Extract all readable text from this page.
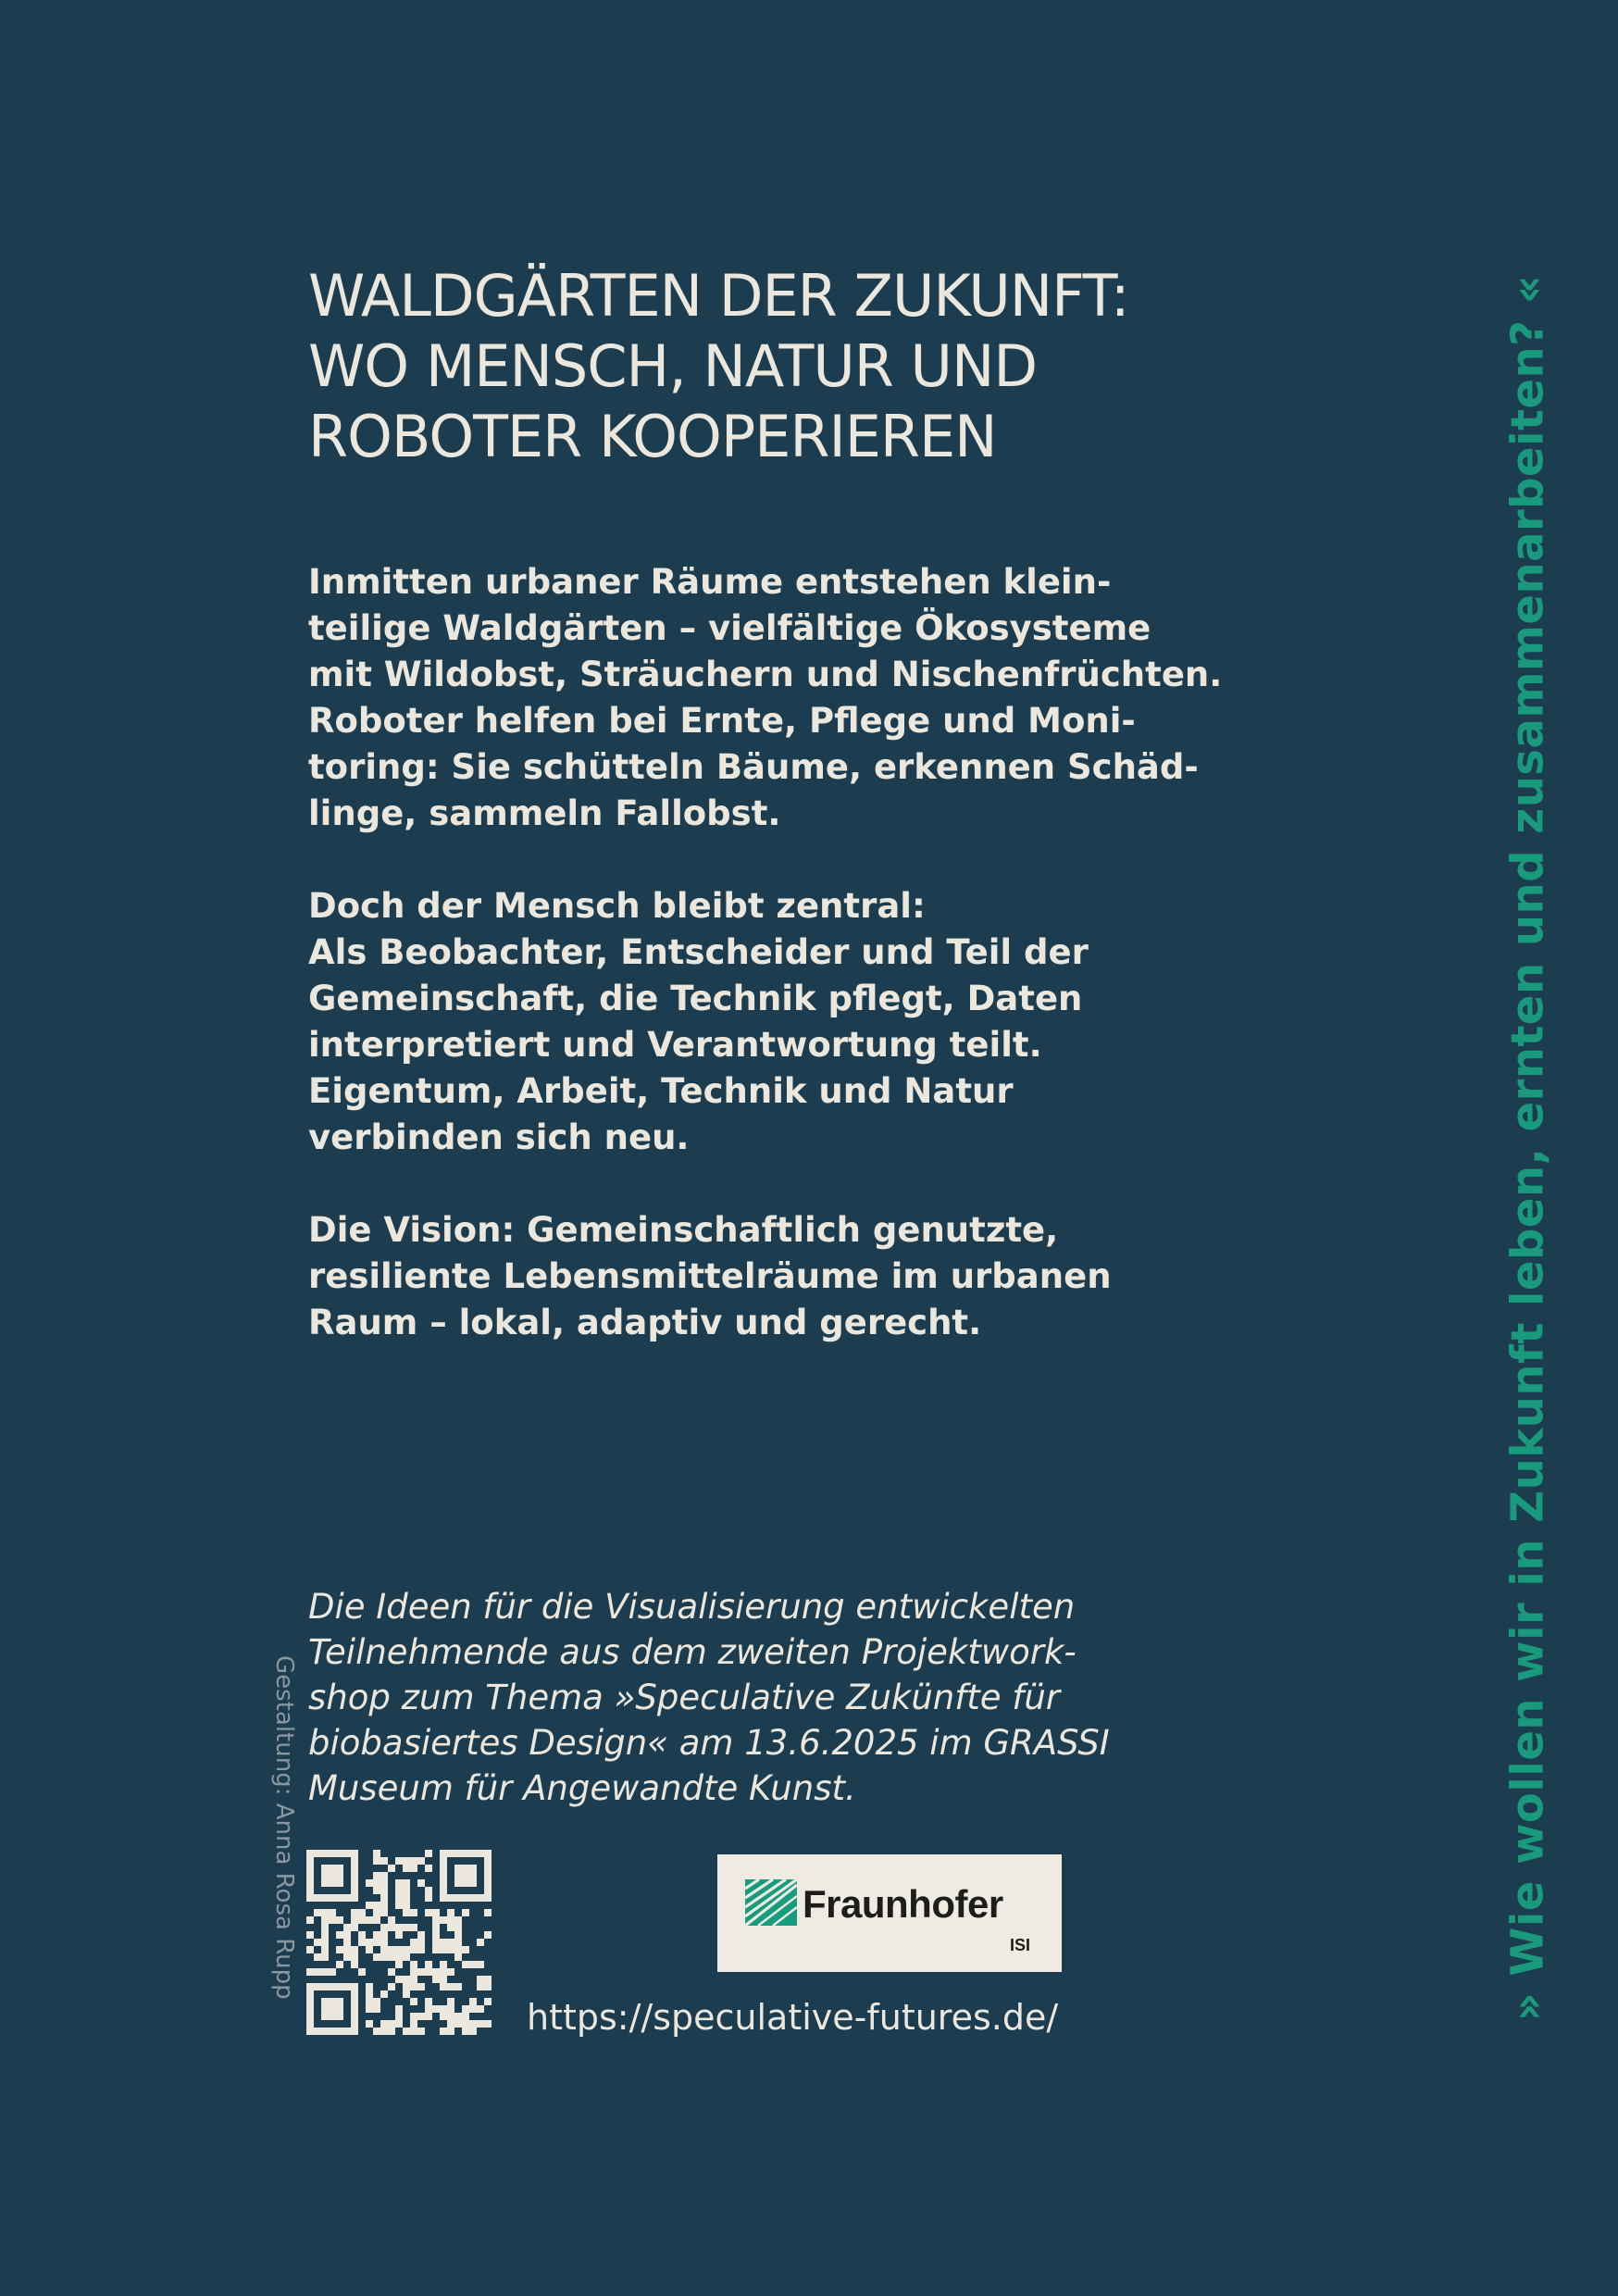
WALDGÄRTEN DER ZUKUNFT:
WO MENSCH, NATUR UND
ROBOTER KOOPERIEREN

Inmitten urbaner Räume entstehen klein-
teilige Waldgärten – vielfältige Ökosysteme
mit Wildobst, Sträuchern und Nischenfrüchten.
Roboter helfen bei Ernte, Pflege und Moni-
toring: Sie schütteln Bäume, erkennen Schäd-
linge, sammeln Fallobst.

Doch der Mensch bleibt zentral:
Als Beobachter, Entscheider und Teil der
Gemeinschaft, die Technik pflegt, Daten
interpretiert und Verantwortung teilt.
Eigentum, Arbeit, Technik und Natur
verbinden sich neu.

Die Vision: Gemeinschaftlich genutzte,
resiliente Lebensmittelräume im urbanen
Raum – lokal, adaptiv und gerecht.

Die Ideen für die Visualisierung entwickelten
Teilnehmende aus dem zweiten Projektwork-
shop zum Thema »Speculative Zukünfte für
biobasiertes Design« am 13.6.2025 im GRASSI
Museum für Angewandte Kunst.
Gestaltung: Anna Rosa Rupp	Fraunhofer
ISI
https://speculative-futures.de/	» Wie wollen wir in Zukunft leben, ernten und zusammenarbeiten? «
